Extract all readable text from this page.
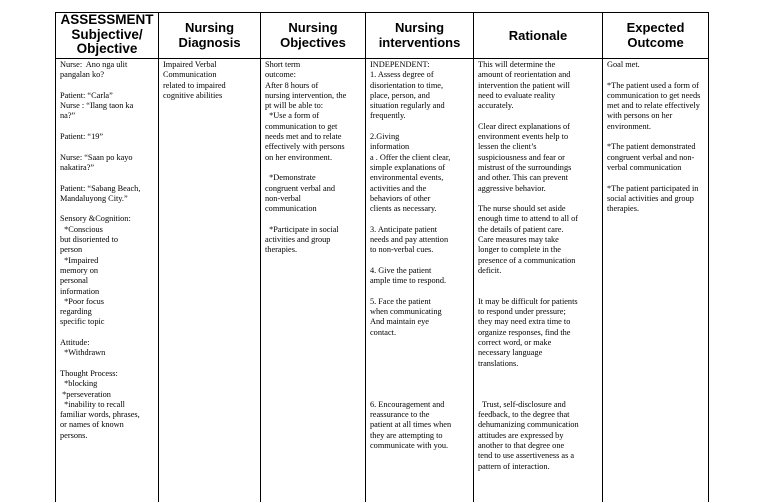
ASSESSMENT
Subjective/
Objective
Nursing
Diagnosis
Nursing
Objectives
Nursing
interventions	Rationale	Expected
Outcome
Nurse:  Ano nga ulit
pangalan ko?

Patient: “Carla”
Nurse : “Ilang taon ka
na?”

Patient: “19”

Nurse: “Saan po kayo
nakatira?”

Patient: “Sabang Beach,
Mandaluyong City.”

Sensory &Cognition:
*Conscious
but disoriented to
person
*Impaired
memory on
personal
information
*Poor focus
regarding
specific topic

Attitude:
*Withdrawn

Thought Process:
*blocking
*perseveration
*inability to recall
familiar words, phrases,
or names of known
persons.
Impaired Verbal
Communication
related to impaired
cognitive abilities
Short term
outcome:
After 8 hours of
nursing intervention, the
pt will be able to:
*Use a form of
communication to get
needs met and to relate
effectively with persons
on her environment.

*Demonstrate
congruent verbal and
non-verbal
communication

*Participate in social
activities and group
therapies.
INDEPENDENT:
1. Assess degree of
disorientation to time,
place, person, and
situation regularly and
frequently.

2.Giving
information
a . Offer the client clear,
simple explanations of
environmental events,
activities and the
behaviors of other
clients as necessary.

3. Anticipate patient
needs and pay attention
to non-verbal cues.

4. Give the patient
ample time to respond.

5. Face the patient
when communicating
And maintain eye
contact.

6. Encouragement and
reassurance to the
patient at all times when
they are attempting to
communicate with you.
This will determine the
amount of reorientation and
intervention the patient will
need to evaluate reality
accurately.

Clear direct explanations of
environment events help to
lessen the client’s
suspiciousness and fear or
mistrust of the surroundings
and other. This can prevent
aggressive behavior.

The nurse should set aside
enough time to attend to all of
the details of patient care.
Care measures may take
longer to complete in the
presence of a communication
deficit.

It may be difficult for patients
to respond under pressure;
they may need extra time to
organize responses, find the
correct word, or make
necessary language
translations.

Trust, self-disclosure and
feedback, to the degree that
dehumanizing communication
attitudes are expressed by
another to that degree one
tend to use assertiveness as a
pattern of interaction.
Goal met.

*The patient used a form of
communication to get needs
met and to relate effectively
with persons on her
environment.

*The patient demonstrated
congruent verbal and non-
verbal communication

*The patient participated in
social activities and group
therapies.
